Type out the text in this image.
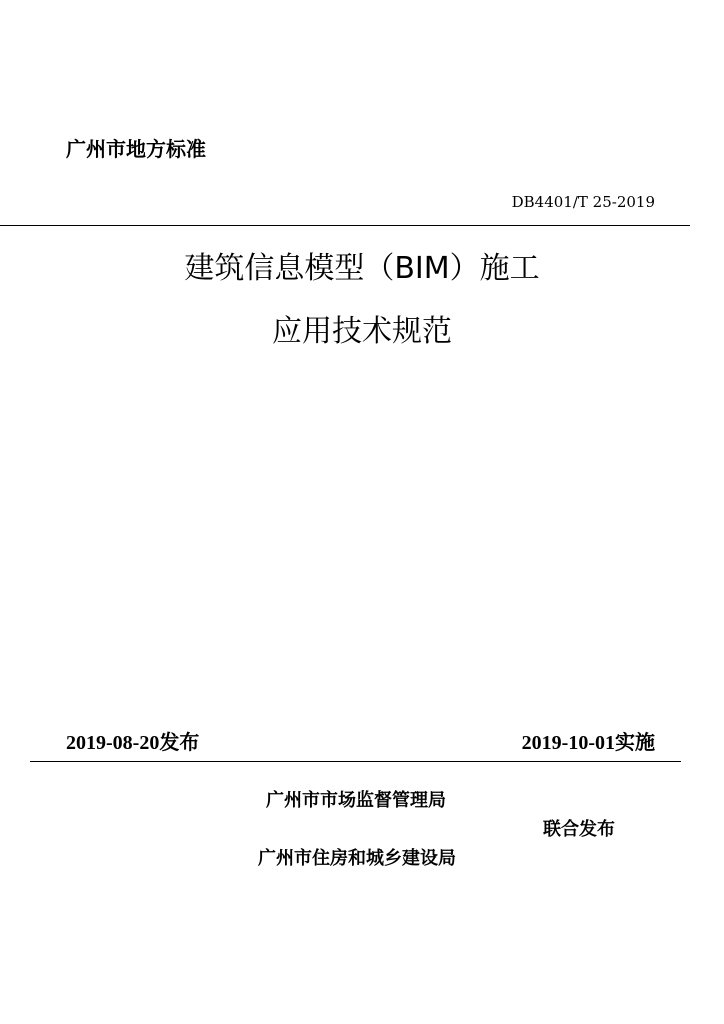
广州市地方标准
DB4401/T 25-2019
建筑信息模型（BIM）施工
应用技术规范
2019-08-20发布	2019-10-01实施
广州市市场监督管理局
联合发布
广州市住房和城乡建设局
